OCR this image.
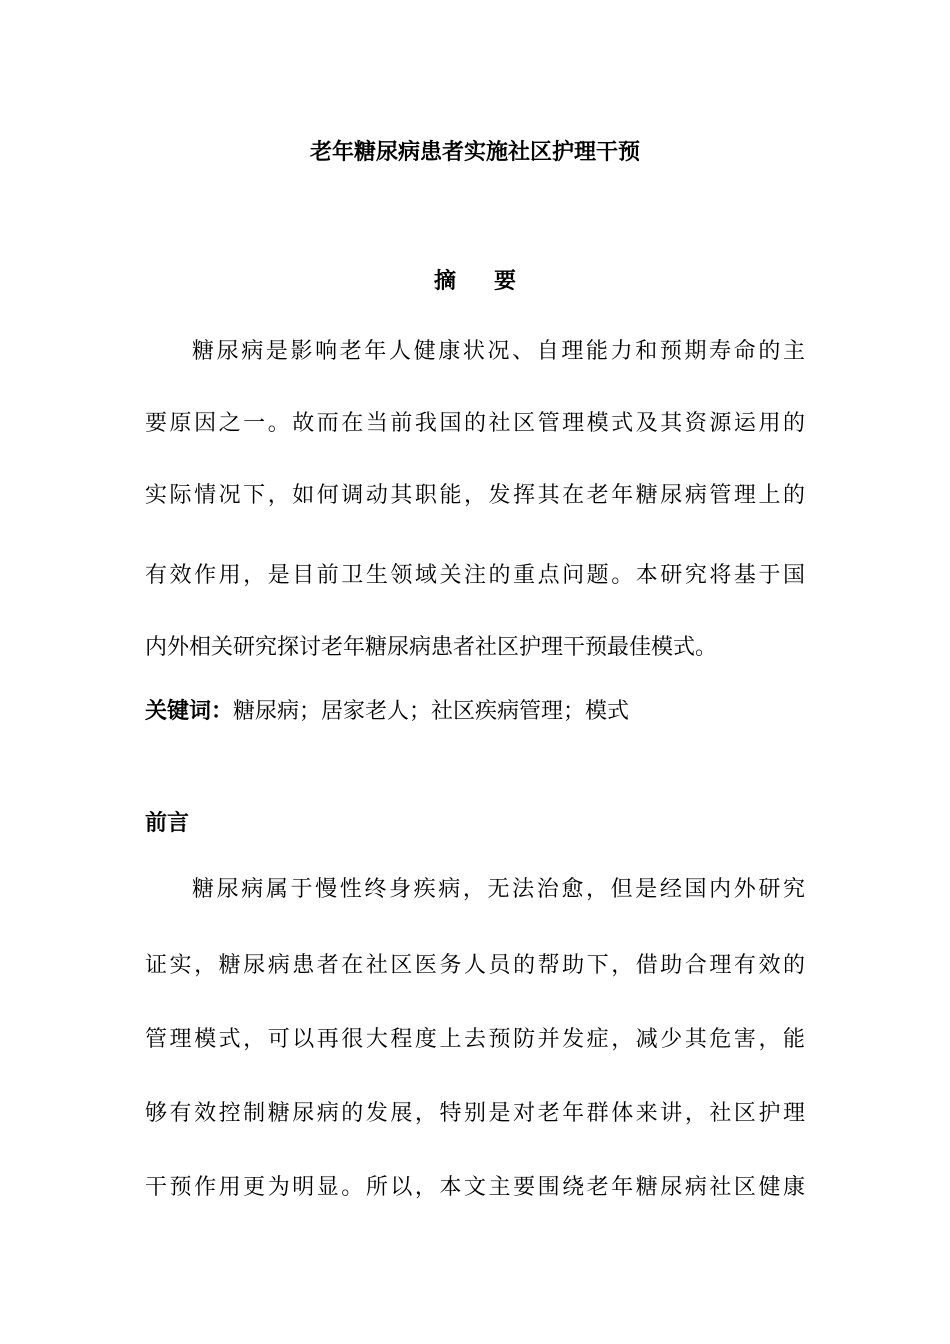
老年糖尿病患者实施社区护理干预
摘 要

糖尿病是影响老年人健康状况、自理能力和预期寿命的主

要原因之一。故而在当前我国的社区管理模式及其资源运用的

实际情况下，如何调动其职能，发挥其在老年糖尿病管理上的

有效作用，是目前卫生领域关注的重点问题。本研究将基于国

内外相关研究探讨老年糖尿病患者社区护理干预最佳模式。

关键词：糖尿病；居家老人；社区疾病管理；模式

前言

糖尿病属于慢性终身疾病，无法治愈，但是经国内外研究

证实，糖尿病患者在社区医务人员的帮助下，借助合理有效的

管理模式，可以再很大程度上去预防并发症，减少其危害，能

够有效控制糖尿病的发展，特别是对老年群体来讲，社区护理

干预作用更为明显。所以，本文主要围绕老年糖尿病社区健康
